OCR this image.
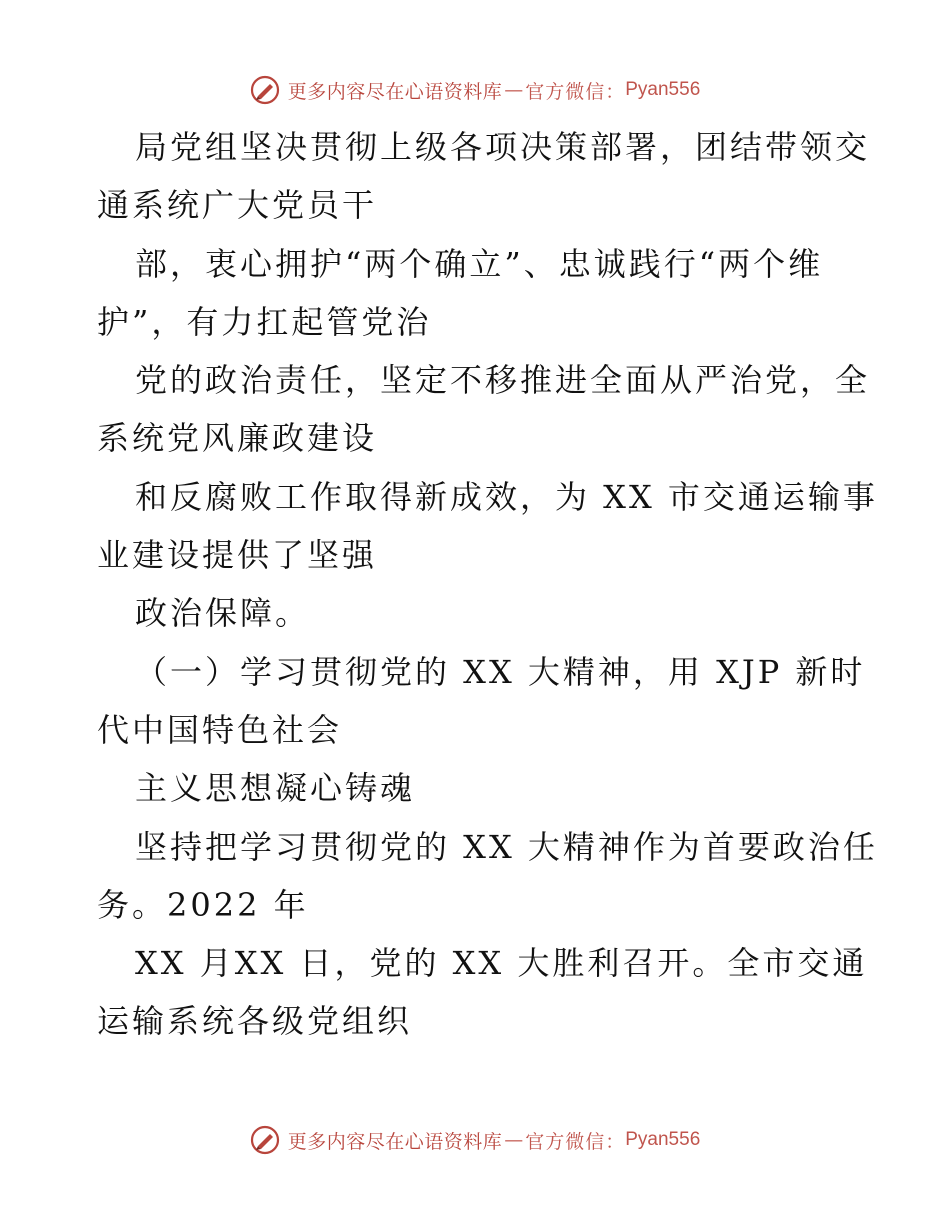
更多内容尽在心语资料库 — 官方微信： Pyan556
局党组坚决贯彻上级各项决策部署，团结带领交
通系统广大党员干
部，衷心拥护“两个确立”、忠诚践行“两个维
护”，有力扛起管党治
党的政治责任，坚定不移推进全面从严治党，全
系统党风廉政建设
和反腐败工作取得新成效，为 XX 市交通运输事
业建设提供了坚强
政治保障。
（一）学习贯彻党的 XX 大精神，用 XJP 新时
代中国特色社会
主义思想凝心铸魂
坚持把学习贯彻党的 XX 大精神作为首要政治任
务。2022 年
XX 月XX 日，党的 XX 大胜利召开。全市交通
运输系统各级党组织
更多内容尽在心语资料库 — 官方微信： Pyan556
